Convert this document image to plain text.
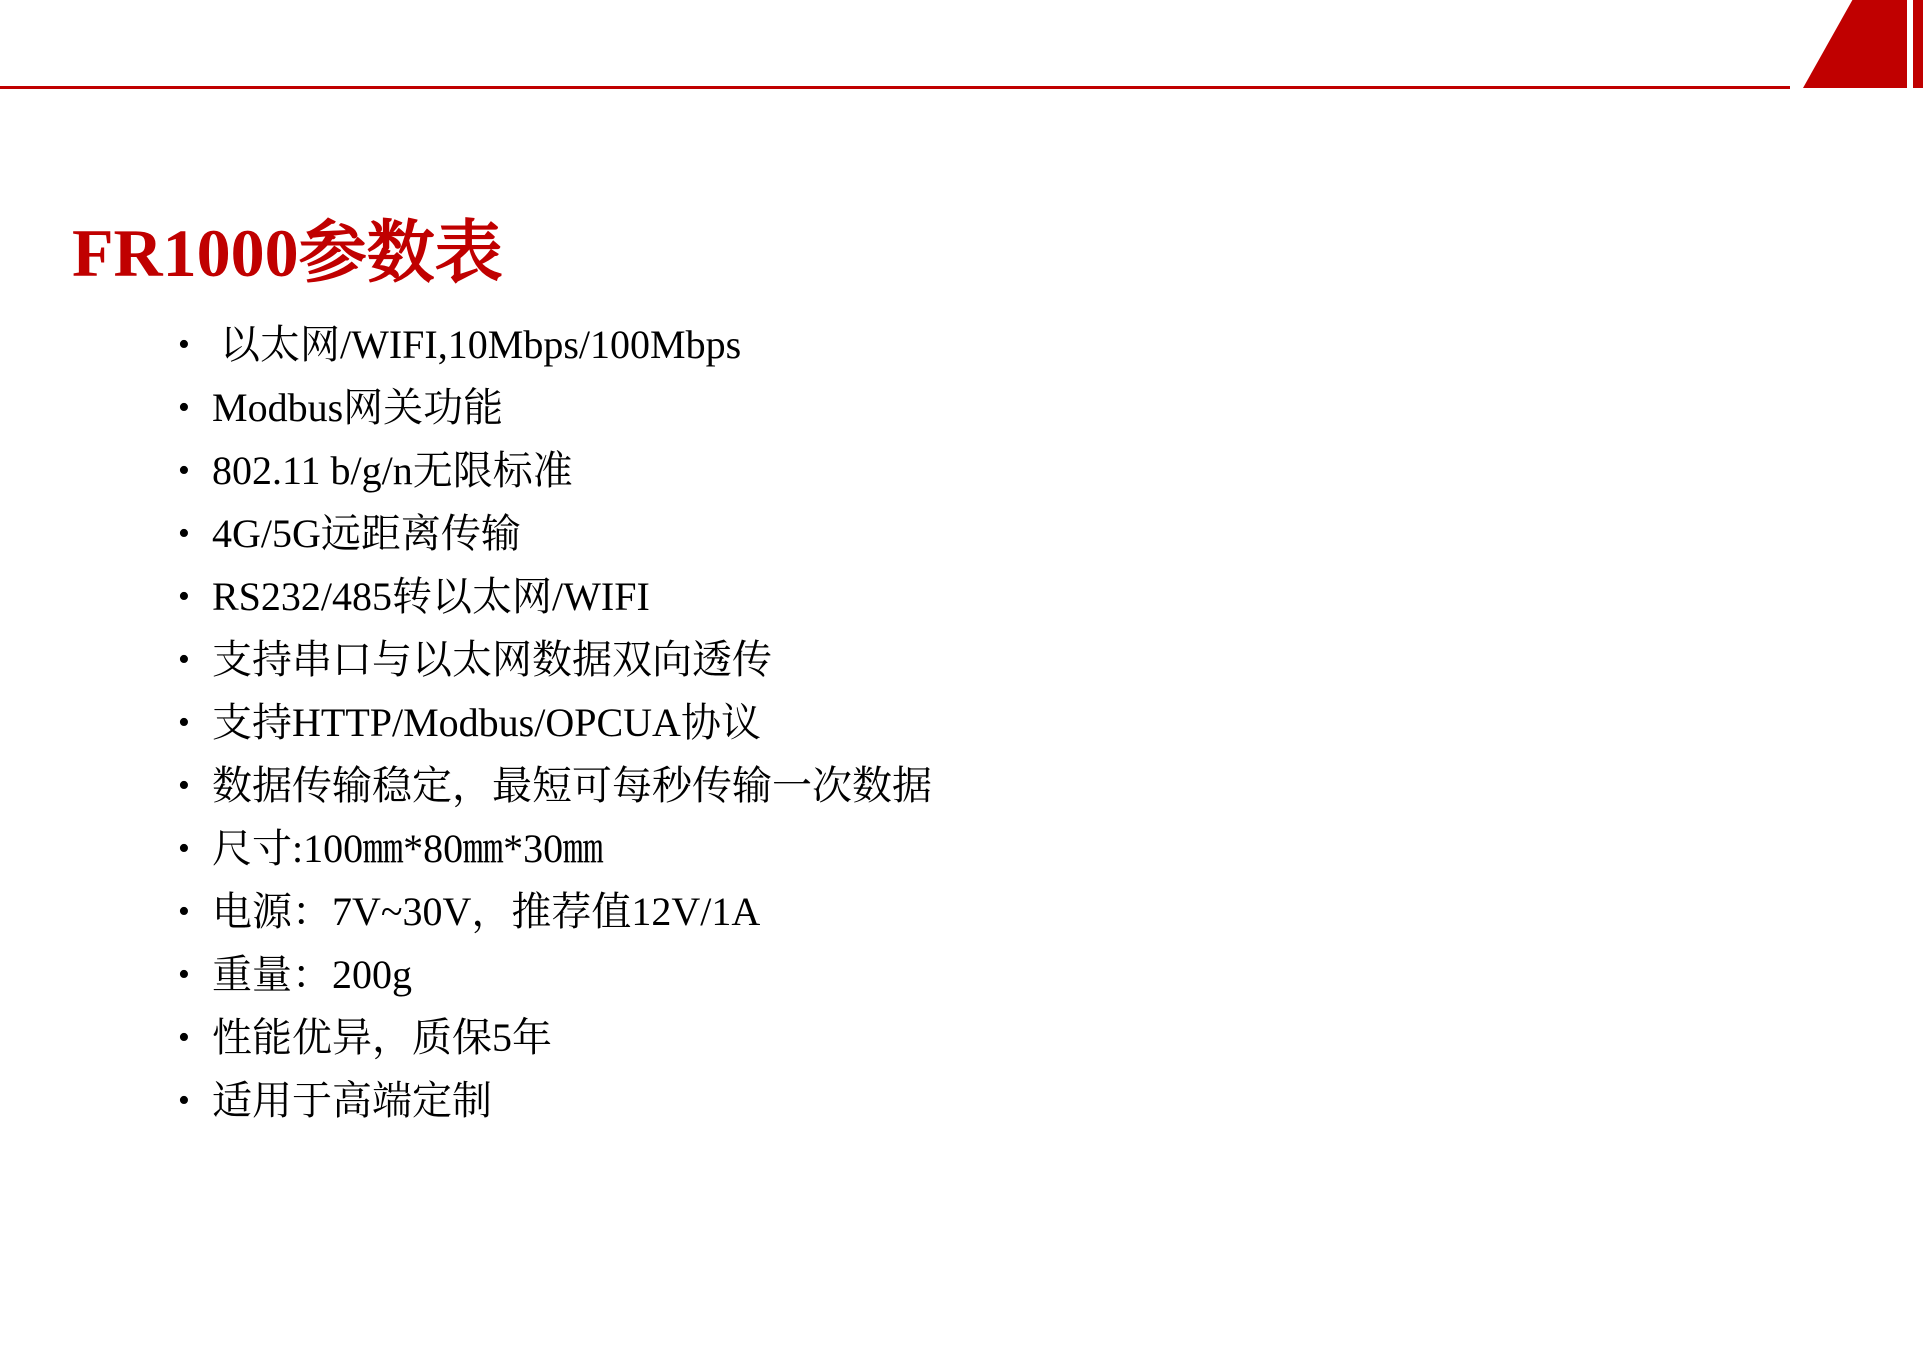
FR1000参数表
• 以太网/WIFI,10Mbps/100Mbps
• Modbus网关功能
• 802.11 b/g/n无限标准
• 4G/5G远距离传输
• RS232/485转以太网/WIFI
• 支持串口与以太网数据双向透传
• 支持HTTP/Modbus/OPCUA协议
• 数据传输稳定，最短可每秒传输一次数据
• 尺寸:100㎜*80㎜*30㎜
• 电源：7V~30V，推荐值12V/1A
• 重量：200g
• 性能优异，质保5年
• 适用于高端定制
